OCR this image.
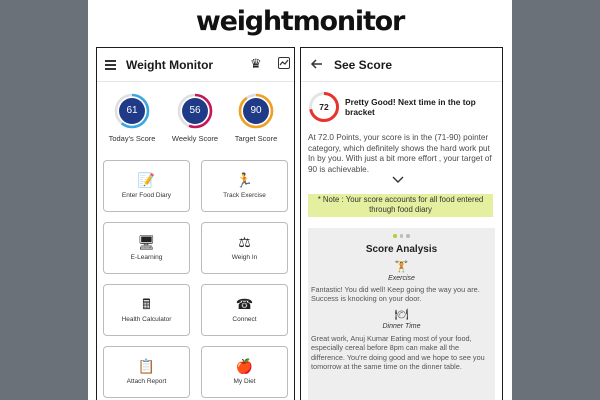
weightmonitor
Weight Monitor	♛
61
Today's Score
56
Weekly Score
90
Target Score
📝
Enter Food Diary
🏃
Track Exercise
🖥
E-Learning
⚖
Weigh In
🖩
Health Calculator
☎
Connect
📋
Attach Report
🍎
My Diet
See Score
72	Pretty Good! Next time in the top bracket
At 72.0 Points, your score is in the (71-90) pointer category, which definitely shows the hard work put In by you. With just a bit more effort , your target of 90 is achievable.
* Note : Your score accounts for all food entered through food diary
Score Analysis
🏋
Exercise
Fantastic! You did well! Keep going the way you are. Success is knocking on your door.
🍽
Dinner Time
Great work, Anuj Kumar Eating most of your food, especially cereal before 8pm can make all the difference. You're doing good and we hope to see you tomorrow at the same time on the dinner table.
